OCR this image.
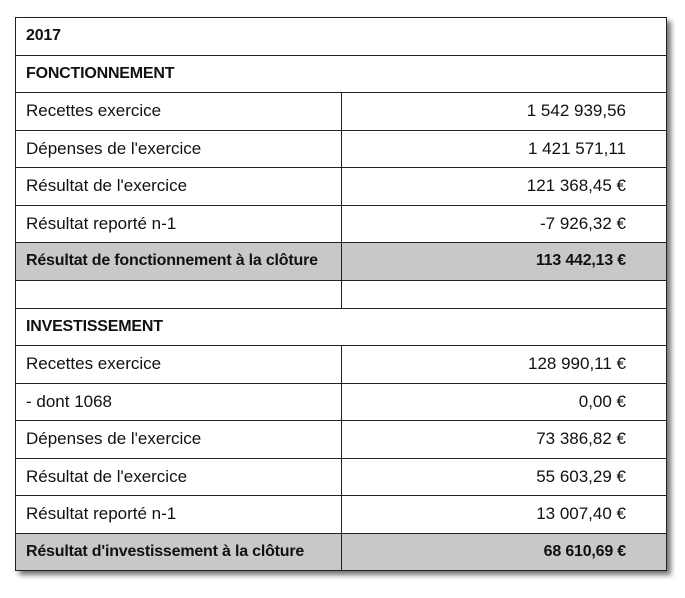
2017	
FONCTIONNEMENT	
Recettes exercice	1 542 939,56
Dépenses de l'exercice	1 421 571,11
Résultat de l'exercice	121 368,45 €
Résultat reporté n-1	-7 926,32 €
Résultat de fonctionnement à la clôture	113 442,13 €

INVESTISSEMENT	
Recettes exercice	128 990,11 €
- dont 1068	0,00 €
Dépenses de l'exercice	73 386,82 €
Résultat de l'exercice	55 603,29 €
Résultat reporté n-1	13 007,40 €
Résultat d'investissement à la clôture	68 610,69 €
